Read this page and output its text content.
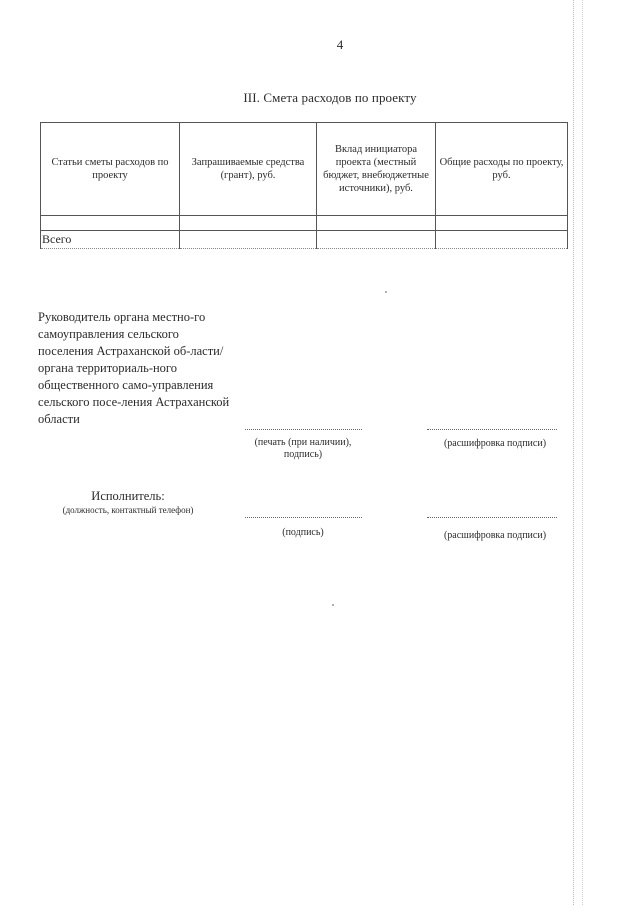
4
III. Смета расходов по проекту
Статьи сметы расходов по проекту	Запрашиваемые средства (грант), руб.	Вклад инициатора проекта (местный бюджет, внебюджетные источники), руб.	Общие расходы по проекту, руб.

Всего			
Руководитель органа местно-го самоуправления сельского поселения Астраханской об-ласти/ органа территориаль-ного общественного само-управления сельского посе-ления Астраханской области
(печать (при наличии), подпись)
(расшифровка подписи)
Исполнитель:
(должность, контактный телефон)
(подпись)	(расшифровка подписи)
